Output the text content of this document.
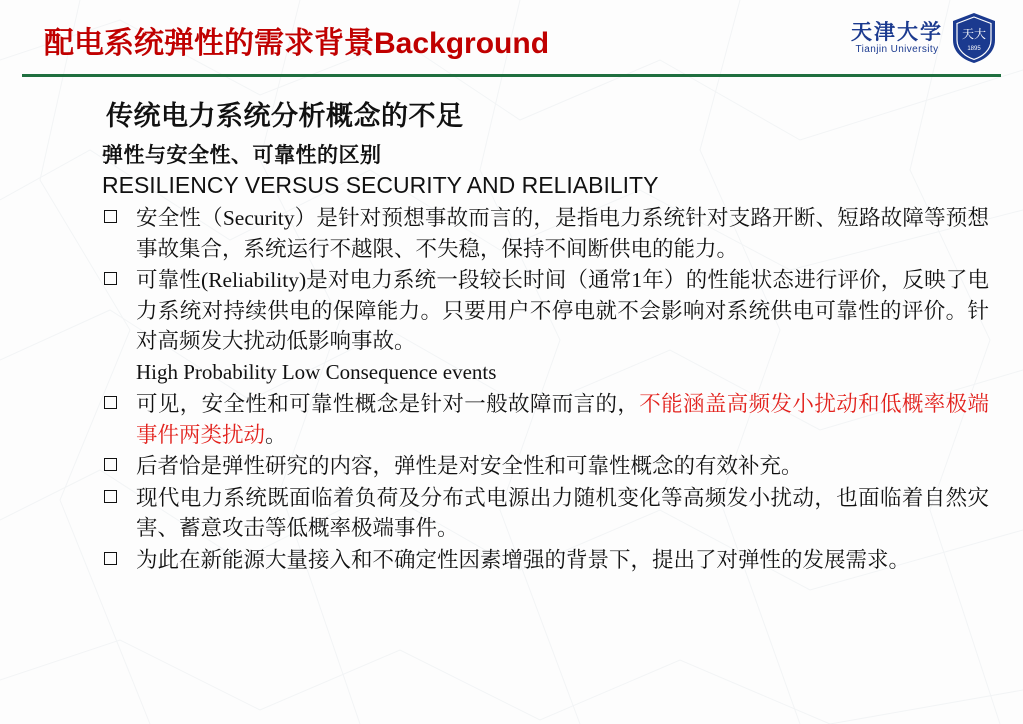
配电系统弹性的需求背景Background	天津大学
Tianjin University
天大
1895
传统电力系统分析概念的不足
弹性与安全性、可靠性的区别
RESILIENCY VERSUS SECURITY AND RELIABILITY
安全性（Security）是针对预想事故而言的，是指电力系统针对支路开断、短路故障等预想事故集合，系统运行不越限、不失稳，保持不间断供电的能力。
可靠性(Reliability)是对电力系统一段较长时间（通常1年）的性能状态进行评价，反映了电力系统对持续供电的保障能力。只要用户不停电就不会影响对系统供电可靠性的评价。针对高频发大扰动低影响事故。
High Probability Low Consequence events
可见，安全性和可靠性概念是针对一般故障而言的，不能涵盖高频发小扰动和低概率极端事件两类扰动。
后者恰是弹性研究的内容，弹性是对安全性和可靠性概念的有效补充。
现代电力系统既面临着负荷及分布式电源出力随机变化等高频发小扰动，也面临着自然灾害、蓄意攻击等低概率极端事件。
为此在新能源大量接入和不确定性因素增强的背景下，提出了对弹性的发展需求。
